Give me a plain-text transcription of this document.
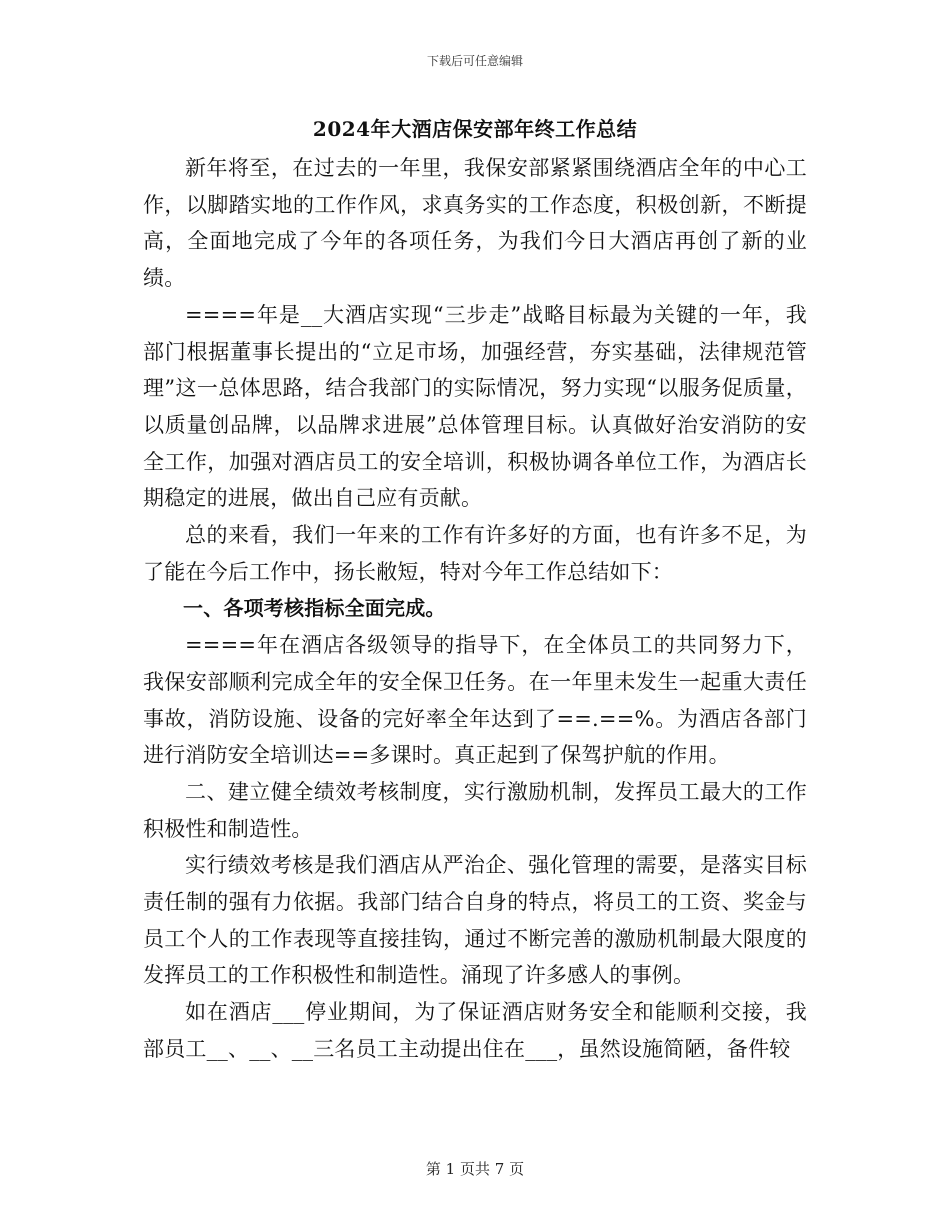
下载后可任意编辑
2024年大酒店保安部年终工作总结

新年将至，在过去的一年里，我保安部紧紧围绕酒店全年的中心工作，以脚踏实地的工作作风，求真务实的工作态度，积极创新，不断提高，全面地完成了今年的各项任务，为我们今日大酒店再创了新的业绩。

====年是__大酒店实现“三步走”战略目标最为关键的一年，我部门根据董事长提出的“立足市场，加强经营，夯实基础，法律规范管理”这一总体思路，结合我部门的实际情况，努力实现“以服务促质量，以质量创品牌，以品牌求进展”总体管理目标。认真做好治安消防的安全工作，加强对酒店员工的安全培训，积极协调各单位工作，为酒店长期稳定的进展，做出自己应有贡献。

总的来看，我们一年来的工作有许多好的方面，也有许多不足，为了能在今后工作中，扬长敝短，特对今年工作总结如下：

一、各项考核指标全面完成。

====年在酒店各级领导的指导下，在全体员工的共同努力下，我保安部顺利完成全年的安全保卫任务。在一年里未发生一起重大责任事故，消防设施、设备的完好率全年达到了==.==%。为酒店各部门进行消防安全培训达==多课时。真正起到了保驾护航的作用。

二、建立健全绩效考核制度，实行激励机制，发挥员工最大的工作积极性和制造性。

实行绩效考核是我们酒店从严治企、强化管理的需要，是落实目标责任制的强有力依据。我部门结合自身的特点，将员工的工资、奖金与员工个人的工作表现等直接挂钩，通过不断完善的激励机制最大限度的发挥员工的工作积极性和制造性。涌现了许多感人的事例。

如在酒店___停业期间，为了保证酒店财务安全和能顺利交接，我部员工__、__、__三名员工主动提出住在___，虽然设施简陋，备件较

第 1 页共 7 页
